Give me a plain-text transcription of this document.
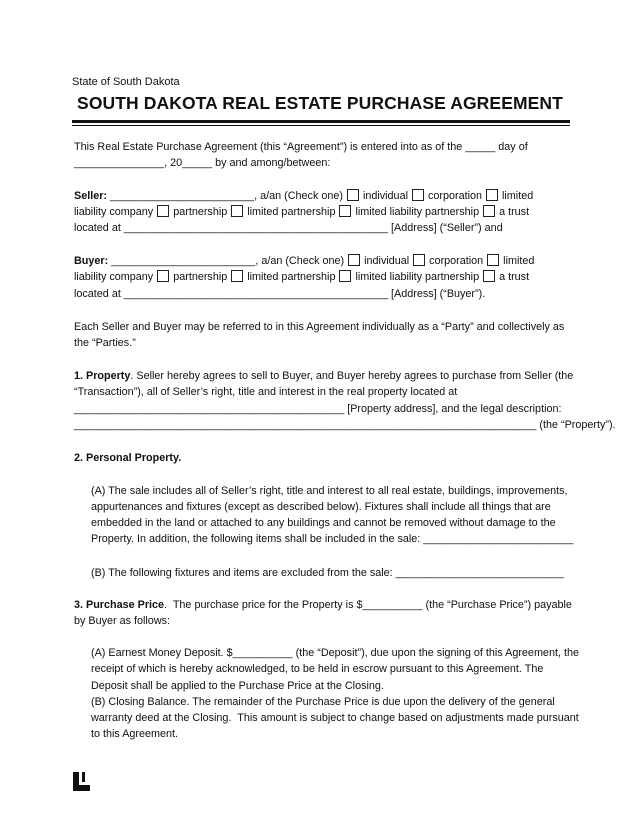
State of South Dakota
SOUTH DAKOTA REAL ESTATE PURCHASE AGREEMENT
This Real Estate Purchase Agreement (this “Agreement”) is entered into as of the _____ day of
_______________, 20_____ by and among/between:
Seller: ________________________, a/an (Check one)  individual  corporation  limited
liability company  partnership  limited partnership  limited liability partnership  a trust
located at ____________________________________________ [Address] (“Seller”) and
Buyer: ________________________, a/an (Check one)  individual  corporation  limited
liability company  partnership  limited partnership  limited liability partnership  a trust
located at ____________________________________________ [Address] (“Buyer”).
Each Seller and Buyer may be referred to in this Agreement individually as a “Party” and collectively as
the “Parties.”
1. Property. Seller hereby agrees to sell to Buyer, and Buyer hereby agrees to purchase from Seller (the
“Transaction”), all of Seller’s right, title and interest in the real property located at
_____________________________________________ [Property address], and the legal description:
_____________________________________________________________________________ (the “Property”).
2. Personal Property.
(A) The sale includes all of Seller’s right, title and interest to all real estate, buildings, improvements,
appurtenances and fixtures (except as described below). Fixtures shall include all things that are
embedded in the land or attached to any buildings and cannot be removed without damage to the
Property. In addition, the following items shall be included in the sale: _________________________
(B) The following fixtures and items are excluded from the sale: ____________________________
3. Purchase Price.  The purchase price for the Property is $__________ (the “Purchase Price”) payable
by Buyer as follows:
(A) Earnest Money Deposit. $__________ (the “Deposit”), due upon the signing of this Agreement, the
receipt of which is hereby acknowledged, to be held in escrow pursuant to this Agreement. The
Deposit shall be applied to the Purchase Price at the Closing.
(B) Closing Balance. The remainder of the Purchase Price is due upon the delivery of the general
warranty deed at the Closing.  This amount is subject to change based on adjustments made pursuant
to this Agreement.
